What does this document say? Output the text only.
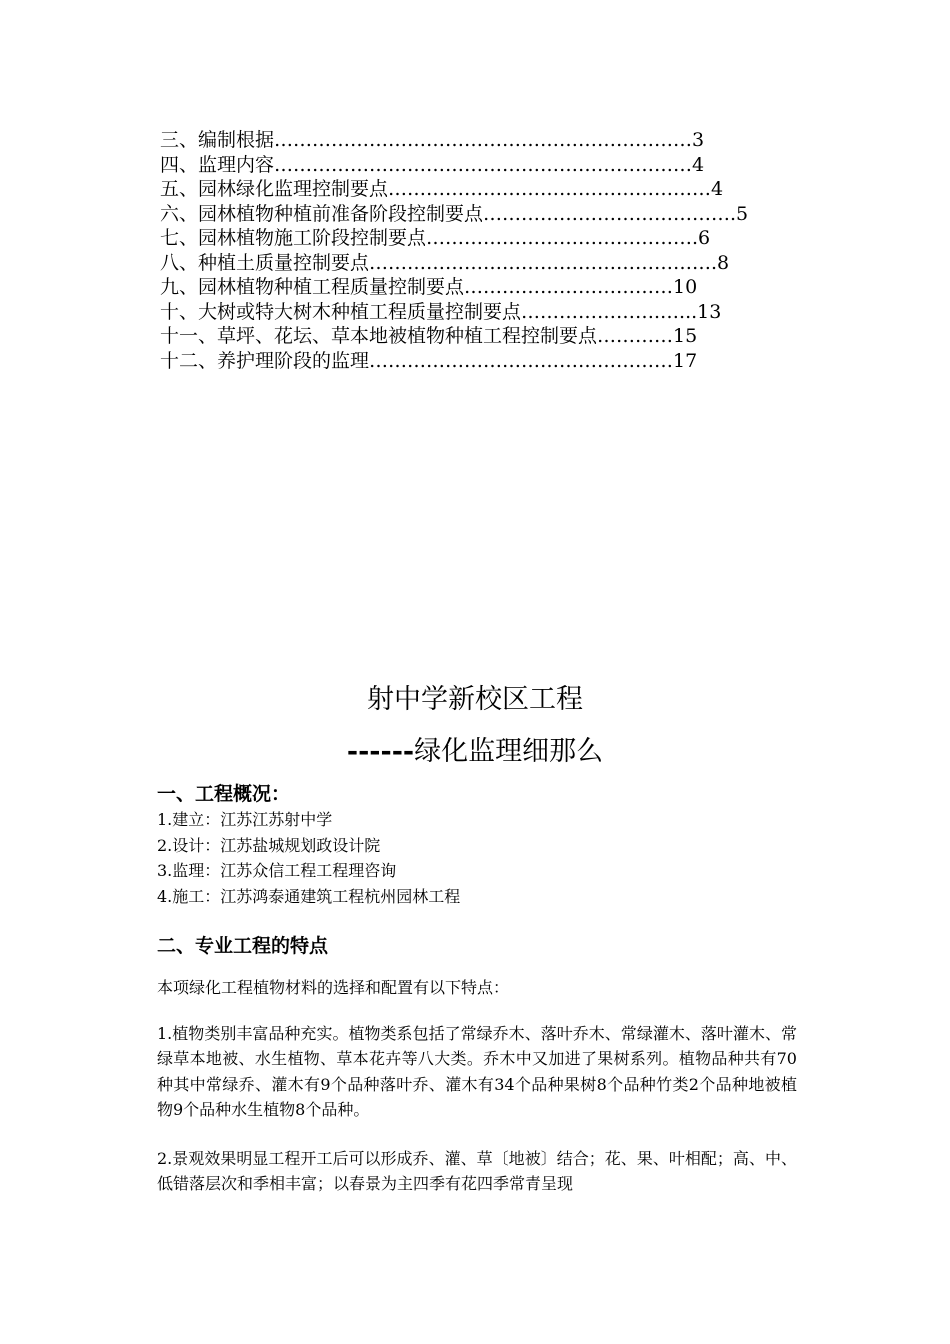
三、编制根据…………………………………………………………3
四、监理内容…………………………………………………………4
五、园林绿化监理控制要点……………………………………………4
六、园林植物种植前准备阶段控制要点………………………………….5
七、园林植物施工阶段控制要点…………………………………….6
八、种植土质量控制要点……………………………………………….8
九、园林植物种植工程质量控制要点……………………………10
十、大树或特大树木种植工程质量控制要点………………….…...13
十一、草坪、花坛、草本地被植物种植工程控制要点…………15
十二、养护理阶段的监理…………………………………………17
射中学新校区工程
------绿化监理细那么
一、工程概况：
1.建立：江苏江苏射中学
2.设计：江苏盐城规划政设计院
3.监理：江苏众信工程工程理咨询
4.施工：江苏鸿泰通建筑工程杭州园林工程
二、专业工程的特点
本项绿化工程植物材料的选择和配置有以下特点：
1.植物类别丰富品种充实。植物类系包括了常绿乔木、落叶乔木、常绿灌木、落叶灌木、常绿草本地被、水生植物、草本花卉等八大类。乔木中又加进了果树系列。植物品种共有70种其中常绿乔、灌木有9个品种落叶乔、灌木有34个品种果树8个品种竹类2个品种地被植物9个品种水生植物8个品种。
2.景观效果明显工程开工后可以形成乔、灌、草〔地被〕结合；花、果、叶相配；高、中、低错落层次和季相丰富；以春景为主四季有花四季常青呈现
